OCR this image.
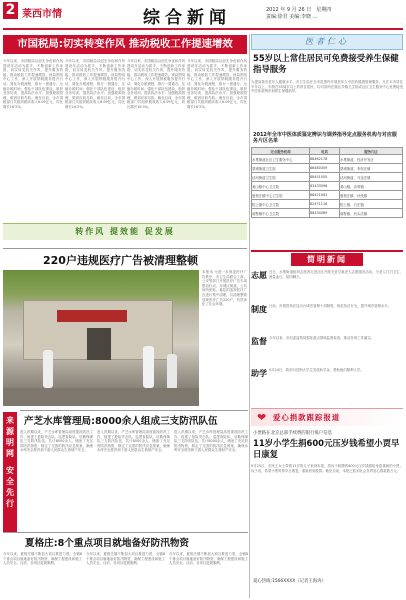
2 莱西市情	综合新闻	2012 年 9 月 26 日　星期四
责编:徐君 美编:李晓 ...
市国税局:切实转变作风 推动税收工作提速增效
今年以来，市国税局以创先争优和作风建设年活动为抓手，不断创新工作举措，切实转变机关作风，提升服务效能，推动税收工作提速增效。该局围绕中心工作，深入开展纳税服务提升行动，简化办税流程，推行一窗通办，压缩办税时间；强化干部队伍建设，组织业务培训，提高执法水平；加强税源管理，做到应收尽收。截至目前，全市国税部门共组织税收收入6.09亿元，同比增长16.5%。
今年以来，市国税局以创先争优和作风建设年活动为抓手，不断创新工作举措，切实转变机关作风，提升服务效能，推动税收工作提速增效。该局围绕中心工作，深入开展纳税服务提升行动，简化办税流程，推行一窗通办，压缩办税时间；强化干部队伍建设，组织业务培训，提高执法水平；加强税源管理，做到应收尽收。截至目前，全市国税部门共组织税收收入6.09亿元，同比增长16.5%。
今年以来，市国税局以创先争优和作风建设年活动为抓手，不断创新工作举措，切实转变机关作风，提升服务效能，推动税收工作提速增效。该局围绕中心工作，深入开展纳税服务提升行动，简化办税流程，推行一窗通办，压缩办税时间；强化干部队伍建设，组织业务培训，提高执法水平；加强税源管理，做到应收尽收。截至目前，全市国税部门共组织税收收入6.09亿元，同比增长16.5%。
今年以来，市国税局以创先争优和作风建设年活动为抓手，不断创新工作举措，切实转变机关作风，提升服务效能，推动税收工作提速增效。该局围绕中心工作，深入开展纳税服务提升行动，简化办税流程，推行一窗通办，压缩办税时间；强化干部队伍建设，组织业务培训，提高执法水平；加强税源管理，做到应收尽收。截至目前，全市国税部门共组织税收收入6.09亿元，同比增长16.5%。
转作风 提效能 促发展
医者仁心
55岁以上常住居民可免费接受养生保健指导服务
为提高我市老年人健康水平，市卫生局在全市范围内开展老年人中医药健康管理服务，凡在本市居住半年以上、年龄在55周岁以上的常住居民，均可到所在辖区乡镇卫生院或社区卫生服务中心免费接受中医体质辨识和养生保健指导。
2012年全市中医体质鉴定辨识与调养指导定点服务机构与对应服务片区名单
定点服务机构	电话	服务片区
水集街道社区卫生服务中心	88462178	水集街道、经济开发区
望城街道卫生院	88480309	望城街道、李权庄镇
沽河街道卫生院	88451005	沽河街道、马连庄镇
姜山镇中心卫生院	83433098	姜山镇、店埠镇
夏格庄镇中心卫生院	88421063	夏格庄镇、孙受镇
院上镇中心卫生院	82471118	院上镇、日庄镇
南墅镇中心卫生院	88434069	南墅镇、河头店镇
简明新闻
志愿 近日，水集街道组织志愿者走进社区开展关爱空巢老人志愿服务活动，为老人打扫卫生、测量血压、陪同聊天。
制度 日前，市城管执法局出台城市管理十项制度，规范执法行为，提升城市管理水平。
监督 今年以来，市纪委监察局强化重点领域监督检查，推动各项工作落实。
助学 9月24日，我市向贫困大学生发放助学金，帮助他们顺利入学。
220户违规医疗广告被清理整顿
本报讯 为进一步规范医疗广告秩序，市卫生局联合工商、公安等部门开展医疗广告专项整治行动，对城区街道、公共场所张贴、悬挂的违规医疗广告进行集中清理，共清理整顿违规医疗广告220户，有效净化了社会环境。
来源明网 安全先行 产芝水库管理局:8000余人组成三支防汛队伍
进入汛期以来，产芝水库管理局高度重视防汛工作，组建了抢险突击队、巡逻查险队、后勤保障队三支防汛队伍，共计8000余人，储备了充足的防汛物资，制定了完善的防汛应急预案，确保水库安全度汛和下游人民群众生命财产安全。
进入汛期以来，产芝水库管理局高度重视防汛工作，组建了抢险突击队、巡逻查险队、后勤保障队三支防汛队伍，共计8000余人，储备了充足的防汛物资，制定了完善的防汛应急预案，确保水库安全度汛和下游人民群众生命财产安全。
进入汛期以来，产芝水库管理局高度重视防汛工作，组建了抢险突击队、巡逻查险队、后勤保障队三支防汛队伍，共计8000余人，储备了充足的防汛物资，制定了完善的防汛应急预案，确保水库安全度汛和下游人民群众生命财产安全。
❤ 爱心捐款跟踪报道
小贾路在北京总部手续费的银行账户信息
11岁小学生捐600元压岁钱希望小贾早日康复
9月25日，市民王女士带着11岁的儿子来到本报，将孩子积攒的600元压岁钱捐给身患重病的小贾。孩子说，希望小贾哥哥早日康复，重新回到校园。截至目前，本报已收到社会各界爱心捐款数万元。
爱心热线:1566XXXX（记者王海涛）
夏格庄:8个重点项目就地备好防汛物资
今年以来，夏格庄镇不断加大项目推进力度，全镇8个重点项目就地备好防汛物资，确保工程建设和施工人员安全。目前，各项目进展顺利。
今年以来，夏格庄镇不断加大项目推进力度，全镇8个重点项目就地备好防汛物资，确保工程建设和施工人员安全。目前，各项目进展顺利。
今年以来，夏格庄镇不断加大项目推进力度，全镇8个重点项目就地备好防汛物资，确保工程建设和施工人员安全。目前，各项目进展顺利。
